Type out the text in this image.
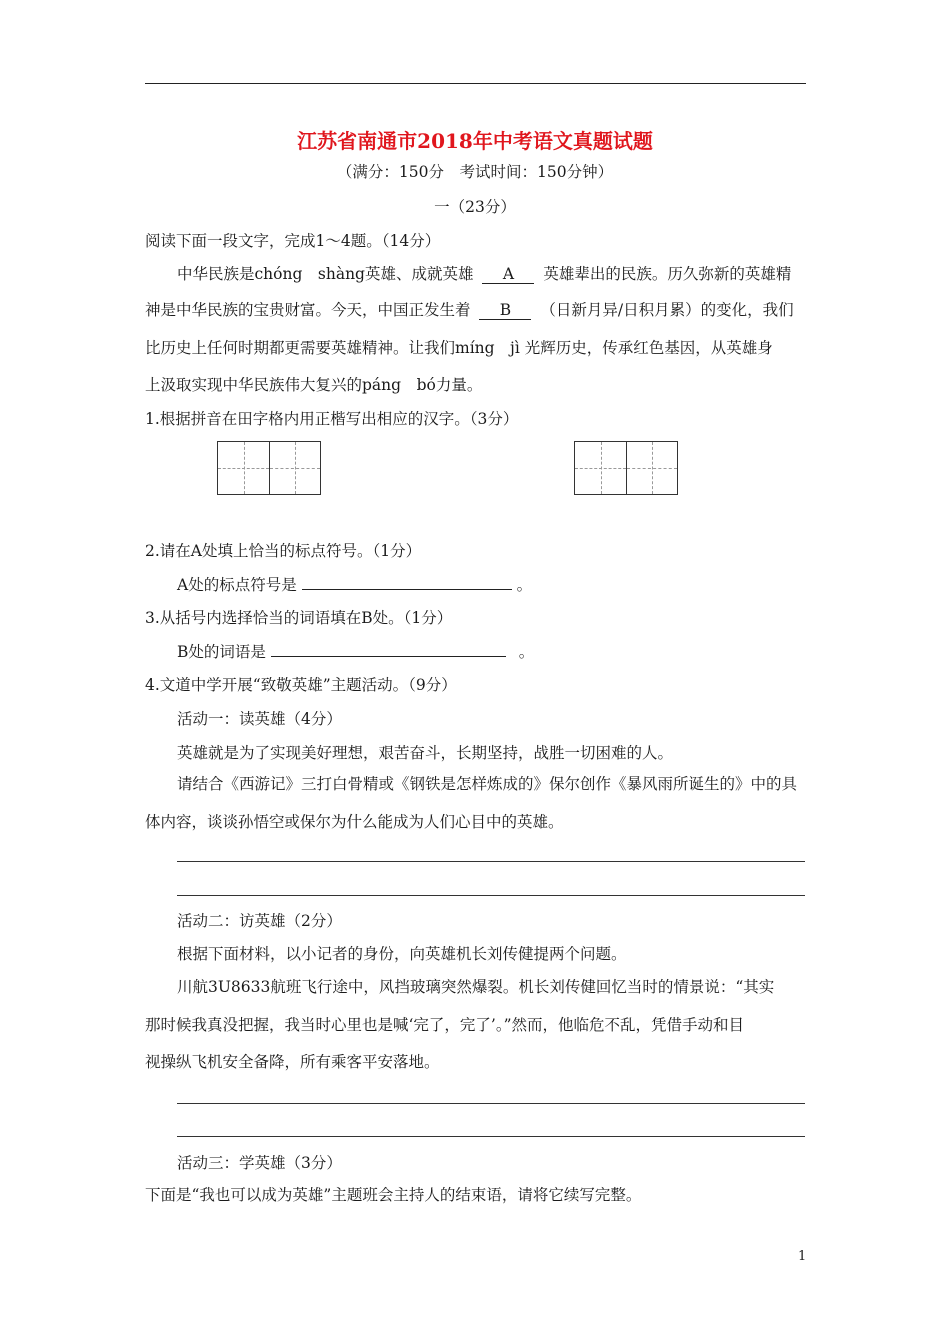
江苏省南通市2018年中考语文真题试题
（满分：150分　考试时间：150分钟）
一（23分）
阅读下面一段文字，完成1～4题。（14分）
中华民族是chóng　shàng英雄、成就英雄 A 英雄辈出的民族。历久弥新的英雄精
神是中华民族的宝贵财富。今天，中国正发生着 B （日新月异/日积月累）的变化，我们
比历史上任何时期都更需要英雄精神。让我们míng　jì 光辉历史，传承红色基因，从英雄身
上汲取实现中华民族伟大复兴的páng　bó力量。
1.根据拼音在田字格内用正楷写出相应的汉字。（3分）
2.请在A处填上恰当的标点符号。（1分）
A处的标点符号是	。
3.从括号内选择恰当的词语填在B处。（1分）
B处的词语是	。
4.文道中学开展“致敬英雄”主题活动。（9分）
活动一：读英雄（4分）
英雄就是为了实现美好理想，艰苦奋斗，长期坚持，战胜一切困难的人。
请结合《西游记》三打白骨精或《钢铁是怎样炼成的》保尔创作《暴风雨所诞生的》中的具
体内容，谈谈孙悟空或保尔为什么能成为人们心目中的英雄。
活动二：访英雄（2分）
根据下面材料，以小记者的身份，向英雄机长刘传健提两个问题。
川航3U8633航班飞行途中，风挡玻璃突然爆裂。机长刘传健回忆当时的情景说：“其实
那时候我真没把握，我当时心里也是喊‘完了，完了’。”然而，他临危不乱，凭借手动和目
视操纵飞机安全备降，所有乘客平安落地。
活动三：学英雄（3分）
下面是“我也可以成为英雄”主题班会主持人的结束语，请将它续写完整。
1
